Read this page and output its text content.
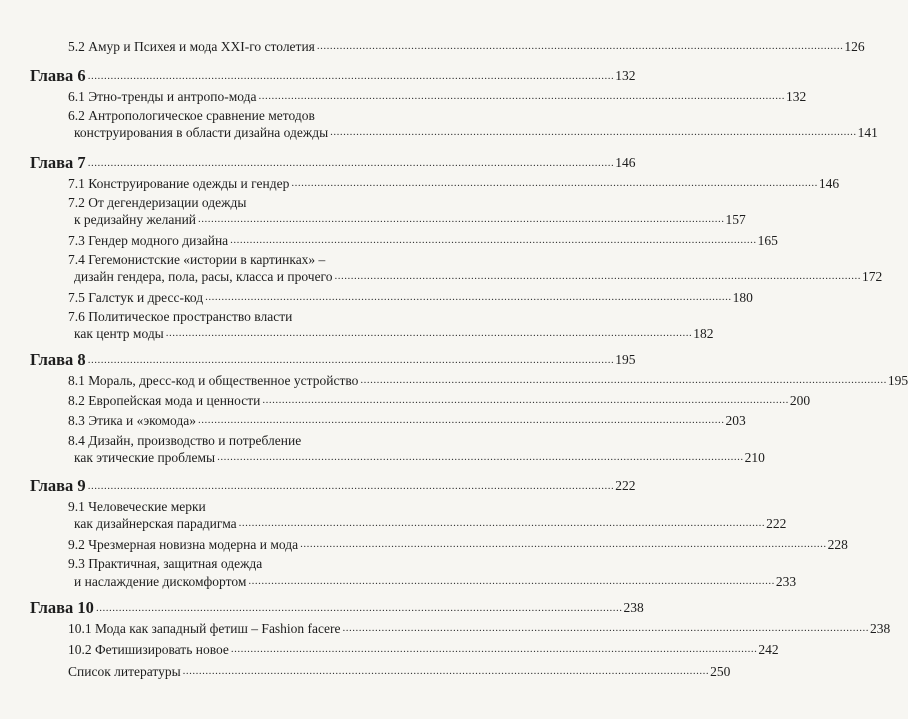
5.2 Амур и Психея и мода XXI-го столетия .................................................................................................................................................................. 126
Глава 6 .................................................................................................................................................................. 132
6.1 Этно-тренды и антропо-мода .................................................................................................................................................................. 132
6.2 Антропологическое сравнение методов
конструирования в области дизайна одежды .................................................................................................................................................................. 141
Глава 7 .................................................................................................................................................................. 146
7.1 Конструирование одежды и гендер .................................................................................................................................................................. 146
7.2 От дегендеризации одежды
к редизайну желаний .................................................................................................................................................................. 157
7.3 Гендер модного дизайна .................................................................................................................................................................. 165
7.4 Гегемонистские «истории в картинках» –
дизайн гендера, пола, расы, класса и прочего .................................................................................................................................................................. 172
7.5 Галстук и дресс-код .................................................................................................................................................................. 180
7.6 Политическое пространство власти
как центр моды .................................................................................................................................................................. 182
Глава 8 .................................................................................................................................................................. 195
8.1 Мораль, дресс-код и общественное устройство .................................................................................................................................................................. 195
8.2 Европейская мода и ценности .................................................................................................................................................................. 200
8.3 Этика и «экомода» .................................................................................................................................................................. 203
8.4 Дизайн, производство и потребление
как этические проблемы .................................................................................................................................................................. 210
Глава 9 .................................................................................................................................................................. 222
9.1 Человеческие мерки
как дизайнерская парадигма .................................................................................................................................................................. 222
9.2 Чрезмерная новизна модерна и мода .................................................................................................................................................................. 228
9.3 Практичная, защитная одежда
и наслаждение дискомфортом .................................................................................................................................................................. 233
Глава 10 .................................................................................................................................................................. 238
10.1 Мода как западный фетиш – Fashion facere .................................................................................................................................................................. 238
10.2 Фетишизировать новое .................................................................................................................................................................. 242
Список литературы .................................................................................................................................................................. 250
